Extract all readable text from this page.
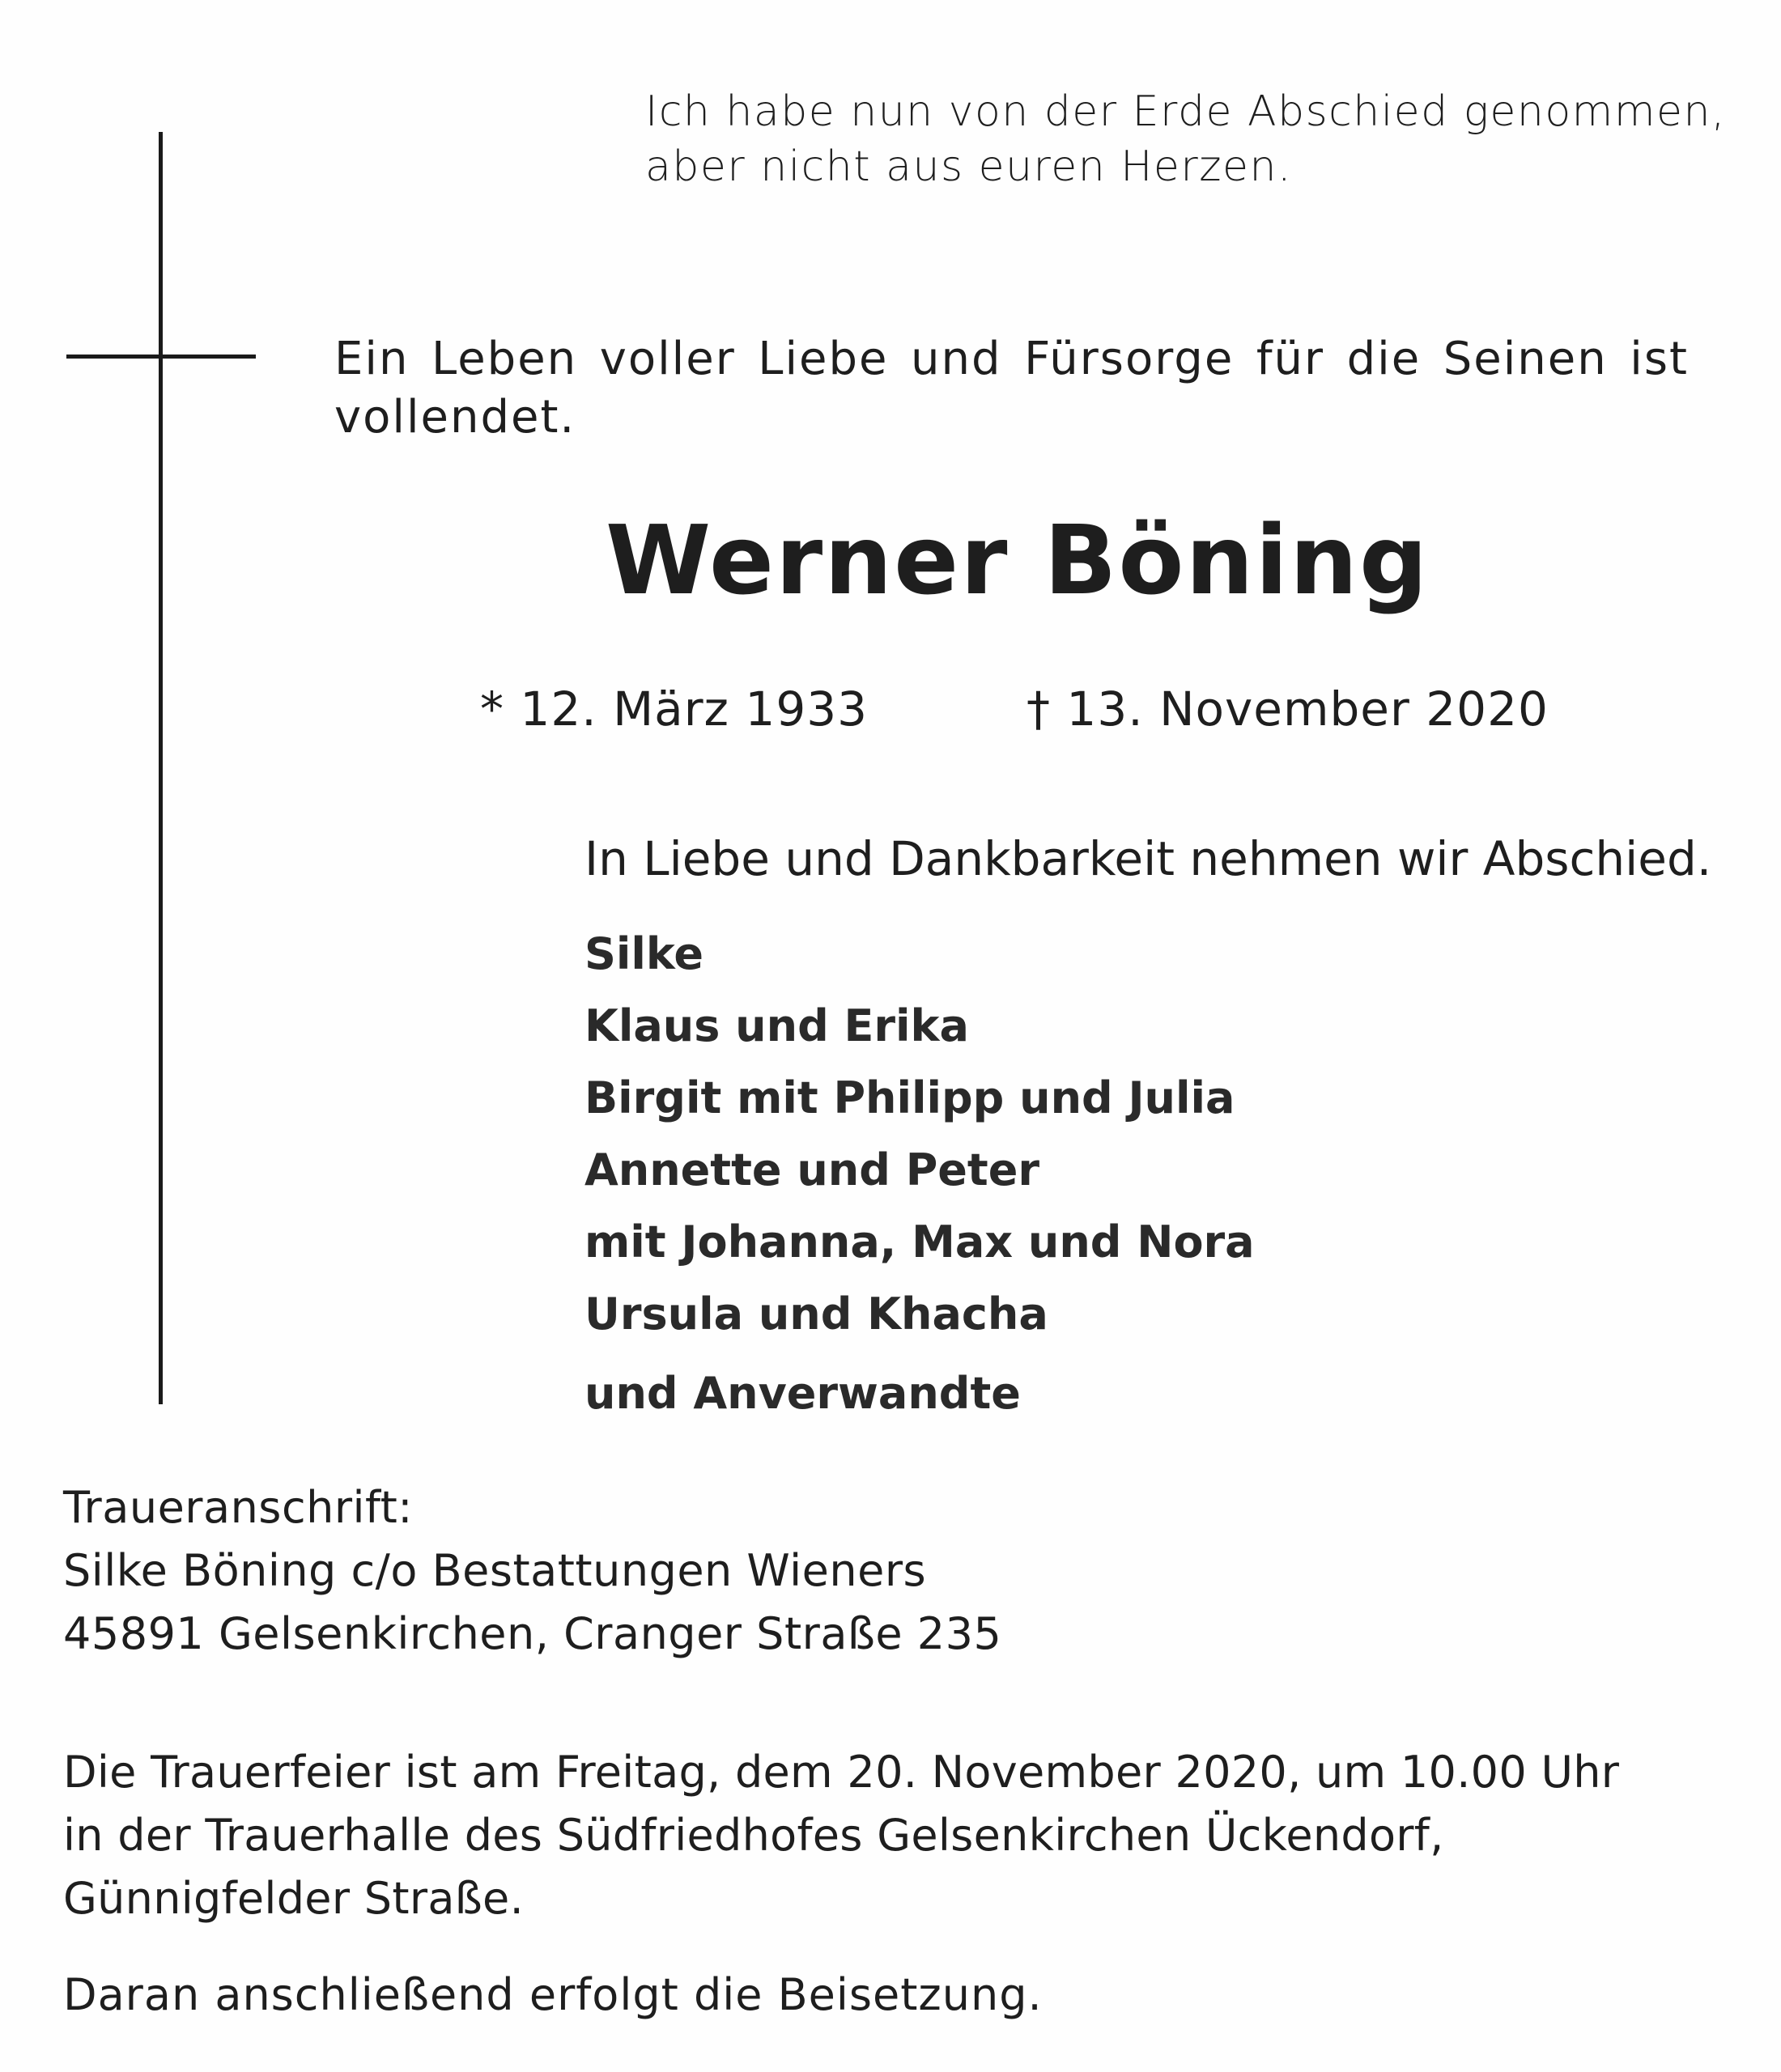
Ich habe nun von der Erde Abschied genommen,
aber nicht aus euren Herzen.

Ein Leben voller Liebe und Fürsorge für die Seinen ist vollendet.

Werner Böning
* 12. März 1933	† 13. November 2020

In Liebe und Dankbarkeit nehmen wir Abschied.

Silke
Klaus und Erika
Birgit mit Philipp und Julia
Annette und Peter
mit Johanna, Max und Nora
Ursula und Khacha
und Anverwandte
Traueranschrift:
Silke Böning c/o Bestattungen Wieners
45891 Gelsenkirchen, Cranger Straße 235
Die Trauerfeier ist am Freitag, dem 20. November 2020, um 10.00 Uhr
in der Trauerhalle des Südfriedhofes Gelsenkirchen Ückendorf,
Günnigfelder Straße.

Daran anschließend erfolgt die Beisetzung.
